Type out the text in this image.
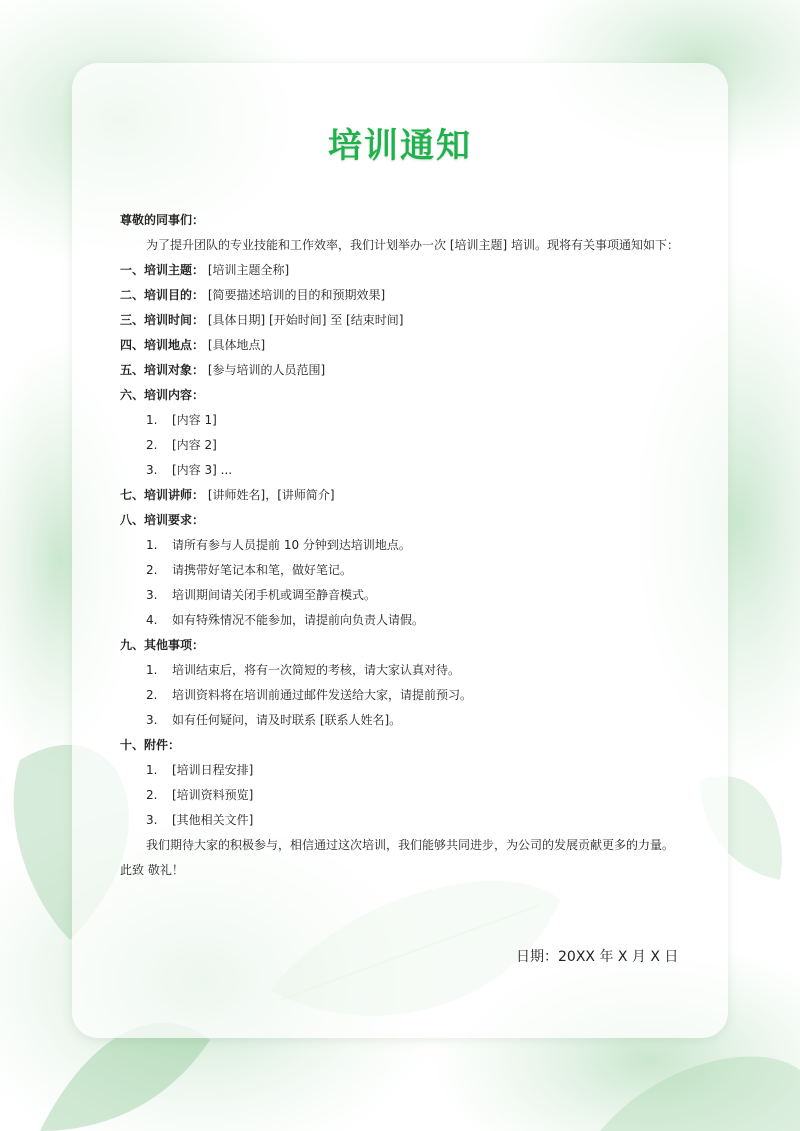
培训通知
尊敬的同事们：
为了提升团队的专业技能和工作效率，我们计划举办一次 [培训主题] 培训。现将有关事项通知如下：
一、培训主题： [培训主题全称]
二、培训目的： [简要描述培训的目的和预期效果]
三、培训时间： [具体日期] [开始时间] 至 [结束时间]
四、培训地点： [具体地点]
五、培训对象： [参与培训的人员范围]
六、培训内容：
1. [内容 1]
2. [内容 2]
3. [内容 3] ...
七、培训讲师： [讲师姓名]，[讲师简介]
八、培训要求：
1. 请所有参与人员提前 10 分钟到达培训地点。
2. 请携带好笔记本和笔，做好笔记。
3. 培训期间请关闭手机或调至静音模式。
4. 如有特殊情况不能参加，请提前向负责人请假。
九、其他事项：
1. 培训结束后，将有一次简短的考核，请大家认真对待。
2. 培训资料将在培训前通过邮件发送给大家，请提前预习。
3. 如有任何疑问，请及时联系 [联系人姓名]。
十、附件：
1. [培训日程安排]
2. [培训资料预览]
3. [其他相关文件]
我们期待大家的积极参与，相信通过这次培训，我们能够共同进步，为公司的发展贡献更多的力量。
此致 敬礼！
日期：20XX 年 X 月 X 日
